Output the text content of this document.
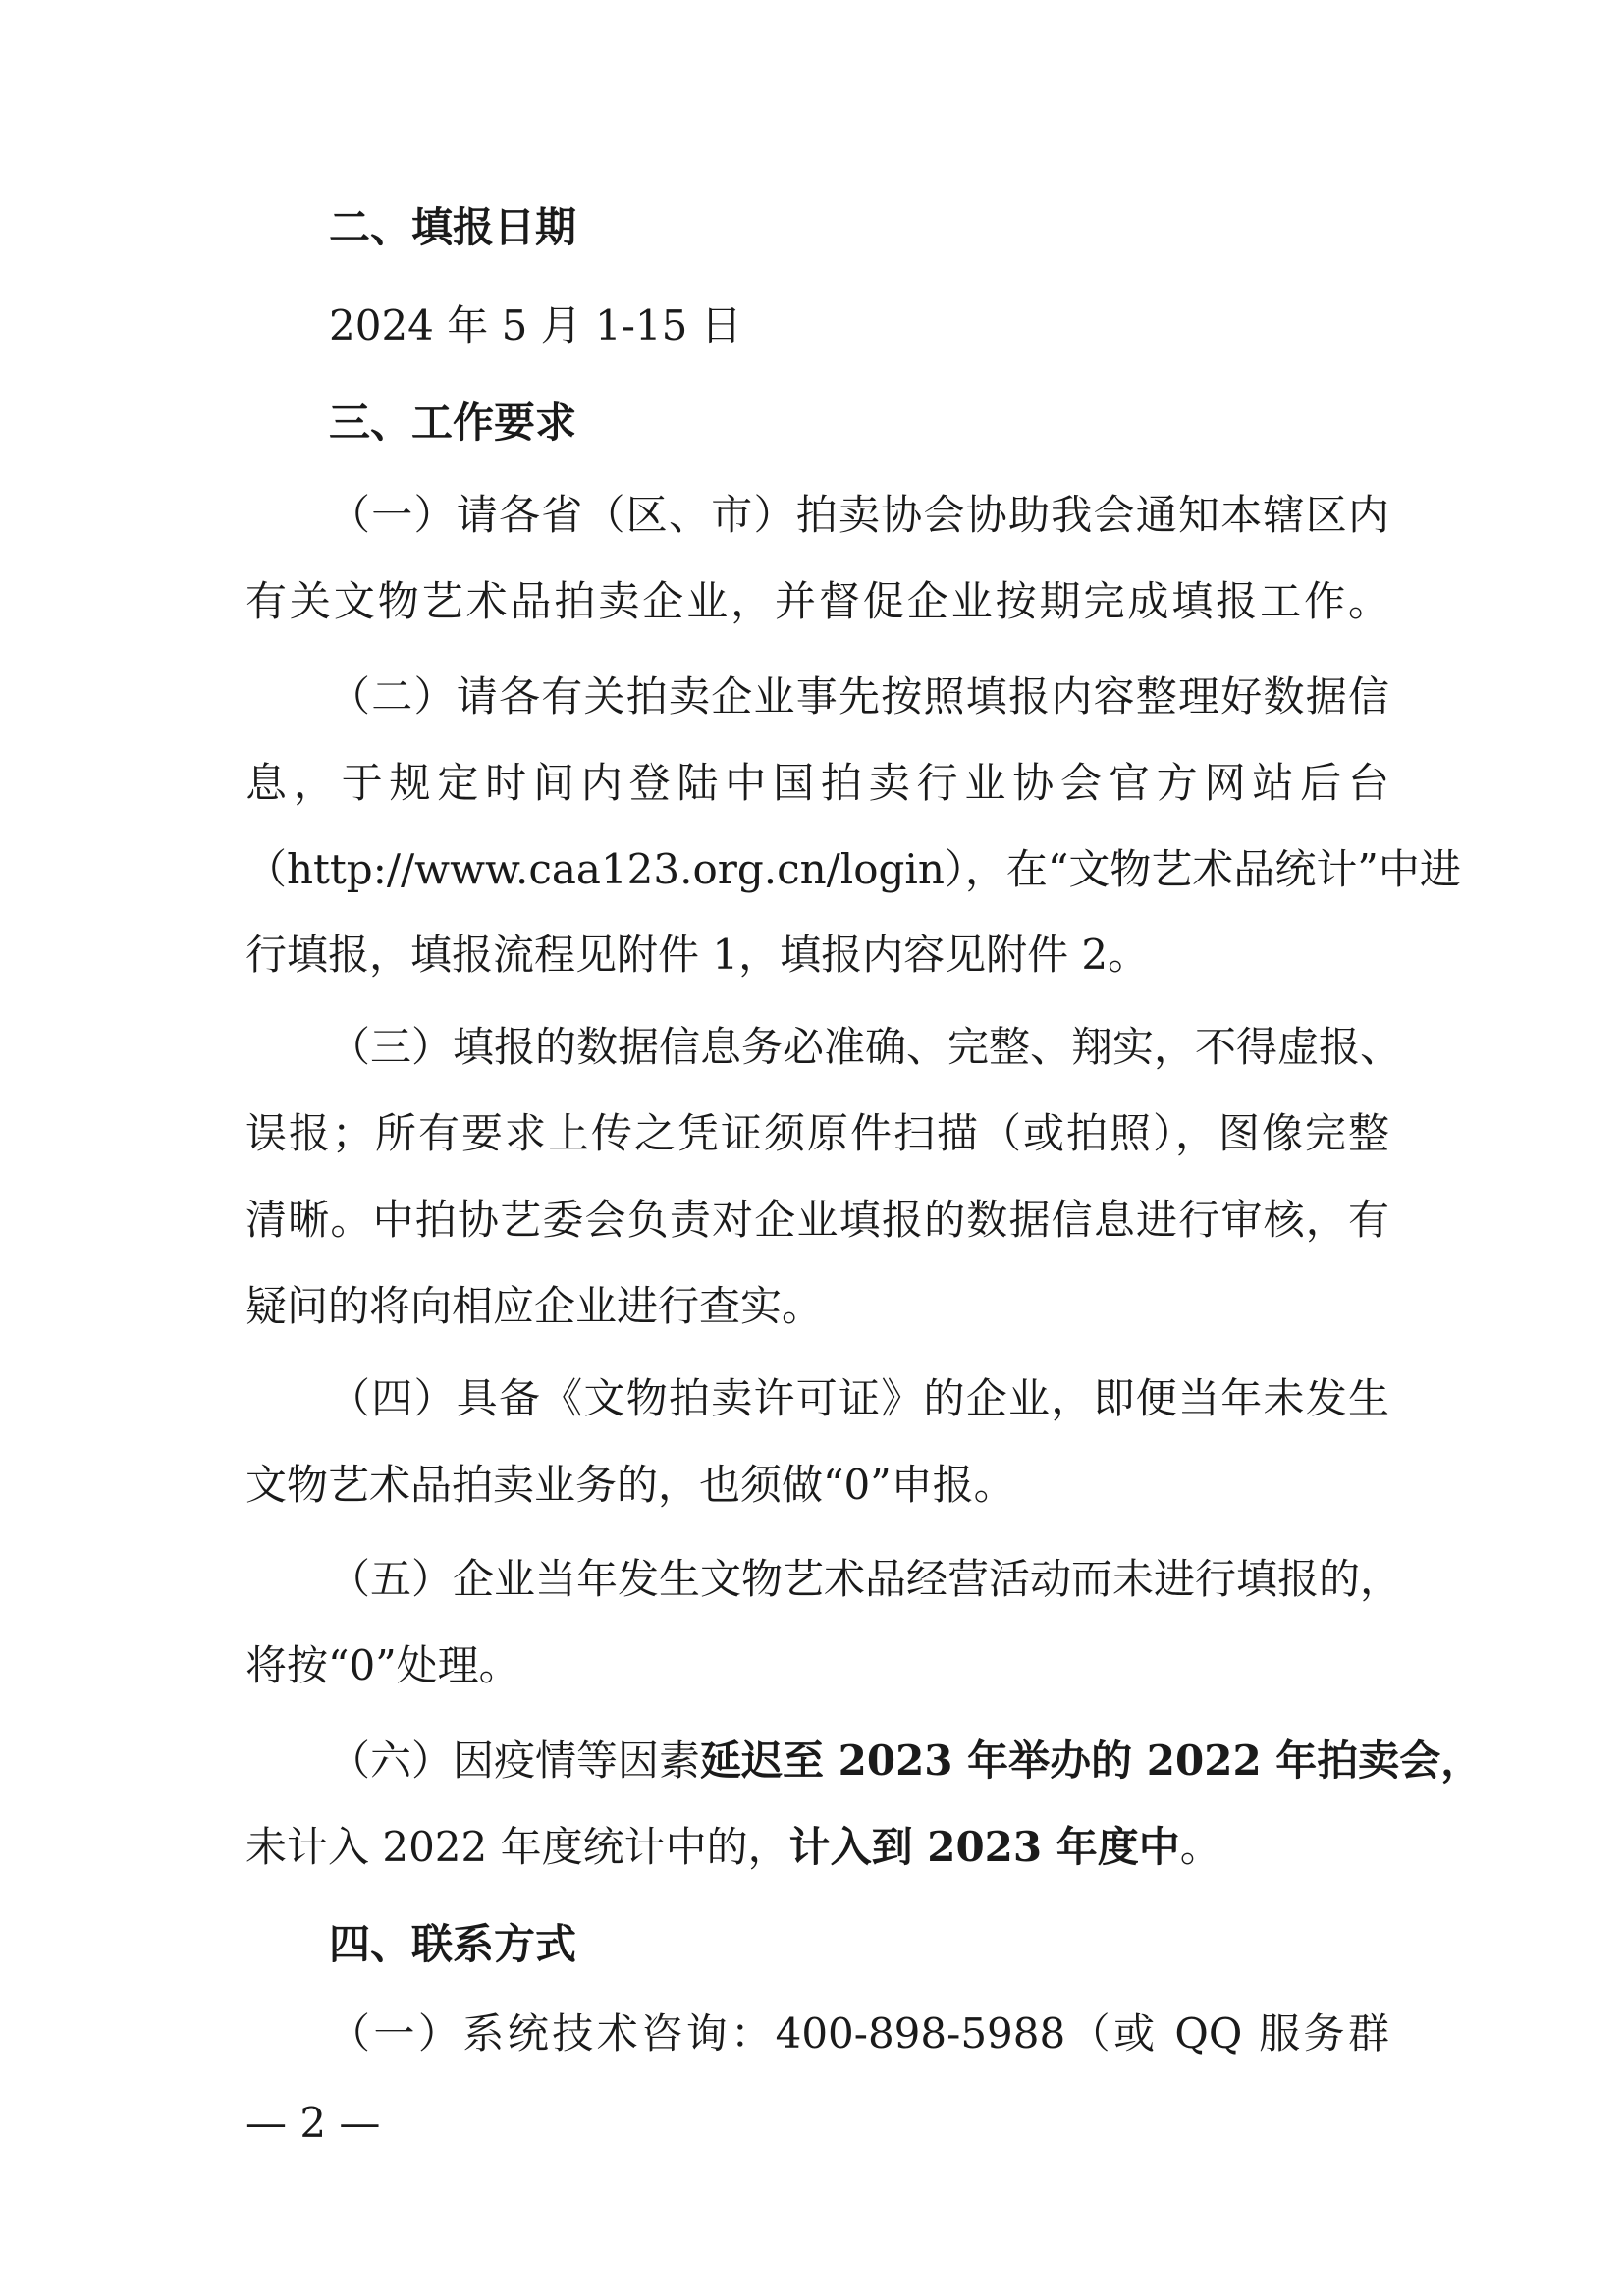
二、填报日期
2024 年 5 月 1-15 日
三、工作要求
（一）请各省（区、市）拍卖协会协助我会通知本辖区内
有关文物艺术品拍卖企业，并督促企业按期完成填报工作。
（二）请各有关拍卖企业事先按照填报内容整理好数据信
息，于规定时间内登陆中国拍卖行业协会官方网站后台
（http://www.caa123.org.cn/login），在“文物艺术品统计”中进
行填报，填报流程见附件 1，填报内容见附件 2。
（三）填报的数据信息务必准确、完整、翔实，不得虚报、
误报；所有要求上传之凭证须原件扫描（或拍照），图像完整
清晰。中拍协艺委会负责对企业填报的数据信息进行审核，有
疑问的将向相应企业进行查实。
（四）具备《文物拍卖许可证》的企业，即便当年未发生
文物艺术品拍卖业务的，也须做“0”申报。
（五）企业当年发生文物艺术品经营活动而未进行填报的，
将按“0”处理。
（六）因疫情等因素延迟至 2023 年举办的 2022 年拍卖会，
未计入 2022 年度统计中的，计入到 2023 年度中。
四、联系方式
（一）系统技术咨询：400-898-5988（或 QQ 服务群
— 2 —
